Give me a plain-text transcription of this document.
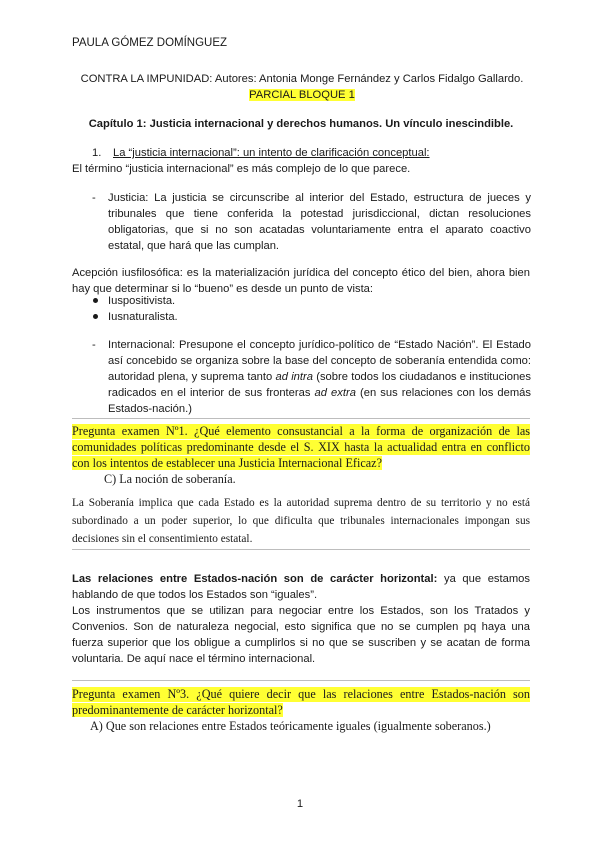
PAULA GÓMEZ DOMÍNGUEZ
CONTRA LA IMPUNIDAD: Autores: Antonia Monge Fernández y Carlos Fidalgo Gallardo.
PARCIAL BLOQUE 1
Capítulo 1: Justicia internacional y derechos humanos. Un vínculo inescindible.
1. La “justicia internacional”: un intento de clarificación conceptual:
El término “justicia internacional” es más complejo de lo que parece.
- Justicia: La justicia se circunscribe al interior del Estado, estructura de jueces y
tribunales que tiene conferida la potestad jurisdiccional, dictan resoluciones
obligatorias, que si no son acatadas voluntariamente entra el aparato coactivo
estatal, que hará que las cumplan.
Acepción iusfilosófica: es la materialización jurídica del concepto ético del bien, ahora bien
hay que determinar si lo “bueno” es desde un punto de vista:
Iuspositivista.
Iusnaturalista.
- Internacional: Presupone el concepto jurídico-político de “Estado Nación”. El Estado
así concebido se organiza sobre la base del concepto de soberanía entendida como:
autoridad plena, y suprema tanto ad intra (sobre todos los ciudadanos e instituciones
radicados en el interior de sus fronteras ad extra (en sus relaciones con los demás
Estados-nación.)
Pregunta examen Nº1. ¿Qué elemento consustancial a la forma de organización de las
comunidades políticas predominante desde el S. XIX hasta la actualidad entra en conflicto
con los intentos de establecer una Justicia Internacional Eficaz?
C) La noción de soberanía.
La Soberanía implica que cada Estado es la autoridad suprema dentro de su territorio y no está
subordinado a un poder superior, lo que dificulta que tribunales internacionales impongan sus
decisiones sin el consentimiento estatal.
Las relaciones entre Estados-nación son de carácter horizontal: ya que estamos
hablando de que todos los Estados son “iguales”.
Los instrumentos que se utilizan para negociar entre los Estados, son los Tratados y
Convenios. Son de naturaleza negocial, esto significa que no se cumplen pq haya una
fuerza superior que los obligue a cumplirlos si no que se suscriben y se acatan de forma
voluntaria. De aquí nace el término internacional.
Pregunta examen Nº3. ¿Qué quiere decir que las relaciones entre Estados-nación son
predominantemente de carácter horizontal?
A) Que son relaciones entre Estados teóricamente iguales (igualmente soberanos.)
1
